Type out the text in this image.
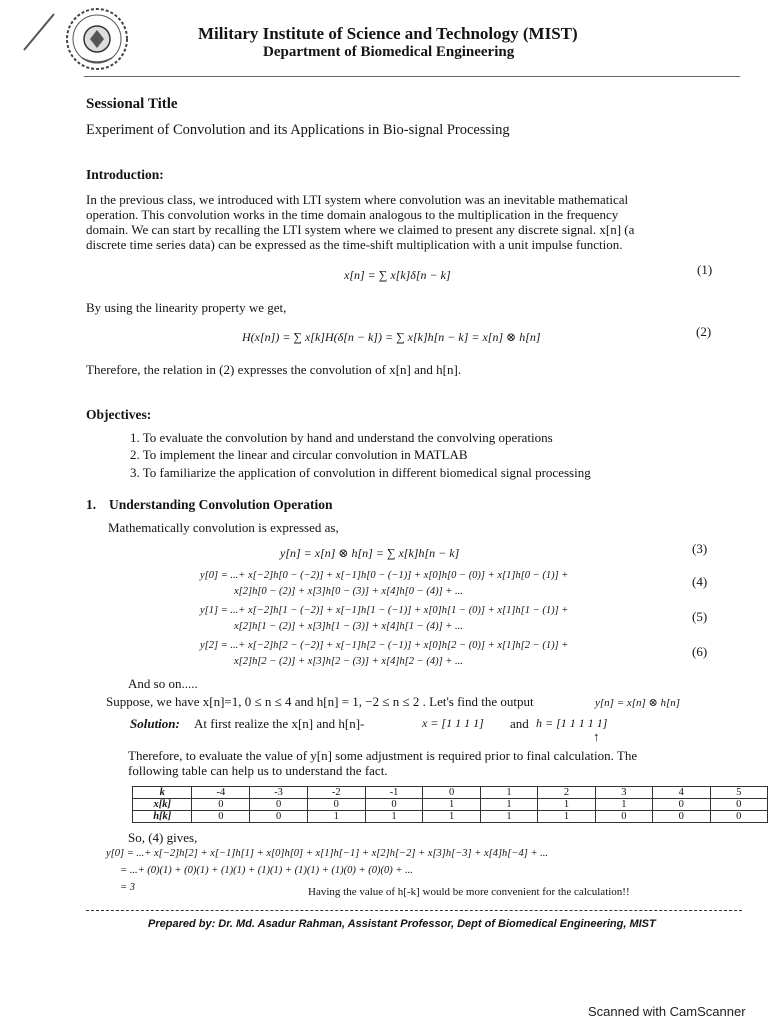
Military Institute of Science and Technology (MIST)
Department of Biomedical Engineering
Sessional Title
Experiment of Convolution and its Applications in Bio-signal Processing
Introduction:
In the previous class, we introduced with LTI system where convolution was an inevitable mathematical
operation. This convolution works in the time domain analogous to the multiplication in the frequency
domain. We can start by recalling the LTI system where we claimed to present any discrete signal. x[n] (a
discrete time series data) can be expressed as the time-shift multiplication with a unit impulse function.
x[n] = ∑ x[k]δ[n − k]	(1)
By using the linearity property we get,
H(x[n]) = ∑ x[k]H(δ[n − k]) = ∑ x[k]h[n − k] = x[n] ⊗ h[n]	(2)
Therefore, the relation in (2) expresses the convolution of x[n] and h[n].
Objectives:
1. To evaluate the convolution by hand and understand the convolving operations
2. To implement the linear and circular convolution in MATLAB
3. To familiarize the application of convolution in different biomedical signal processing
1. Understanding Convolution Operation
Mathematically convolution is expressed as,
y[n] = x[n] ⊗ h[n] = ∑ x[k]h[n − k]	(3)
y[0] = ...+ x[−2]h[0 − (−2)] + x[−1]h[0 − (−1)] + x[0]h[0 − (0)] + x[1]h[0 − (1)] +
x[2]h[0 − (2)] + x[3]h[0 − (3)] + x[4]h[0 − (4)] + ...
(4)
y[1] = ...+ x[−2]h[1 − (−2)] + x[−1]h[1 − (−1)] + x[0]h[1 − (0)] + x[1]h[1 − (1)] +
x[2]h[1 − (2)] + x[3]h[1 − (3)] + x[4]h[1 − (4)] + ...
(5)
y[2] = ...+ x[−2]h[2 − (−2)] + x[−1]h[2 − (−1)] + x[0]h[2 − (0)] + x[1]h[2 − (1)] +
x[2]h[2 − (2)] + x[3]h[2 − (3)] + x[4]h[2 − (4)] + ...
(6)
And so on.....
Suppose, we have x[n]=1, 0 ≤ n ≤ 4 and h[n] = 1, −2 ≤ n ≤ 2 . Let's find the output	y[n] = x[n] ⊗ h[n]
Solution: At first realize the x[n] and h[n]-	x = [1 1 1 1] and h = [1 1 1 1 1]
↑
Therefore, to evaluate the value of y[n] some adjustment is required prior to final calculation. The
following table can help us to understand the fact.
k	-4	-3	-2	-1	0	1	2	3	4	5
x[k]	0	0	0	0	1	1	1	1	0	0
h[k]	0	0	1	1	1	1	1	0	0	0
So, (4) gives,
y[0] = ...+ x[−2]h[2] + x[−1]h[1] + x[0]h[0] + x[1]h[−1] + x[2]h[−2] + x[3]h[−3] + x[4]h[−4] + ...
= ...+ (0)(1) + (0)(1) + (1)(1) + (1)(1) + (1)(1) + (1)(0) + (0)(0) + ...
= 3	Having the value of h[-k] would be more convenient for the calculation!!
Prepared by: Dr. Md. Asadur Rahman, Assistant Professor, Dept of Biomedical Engineering, MIST
Scanned with CamScanner
